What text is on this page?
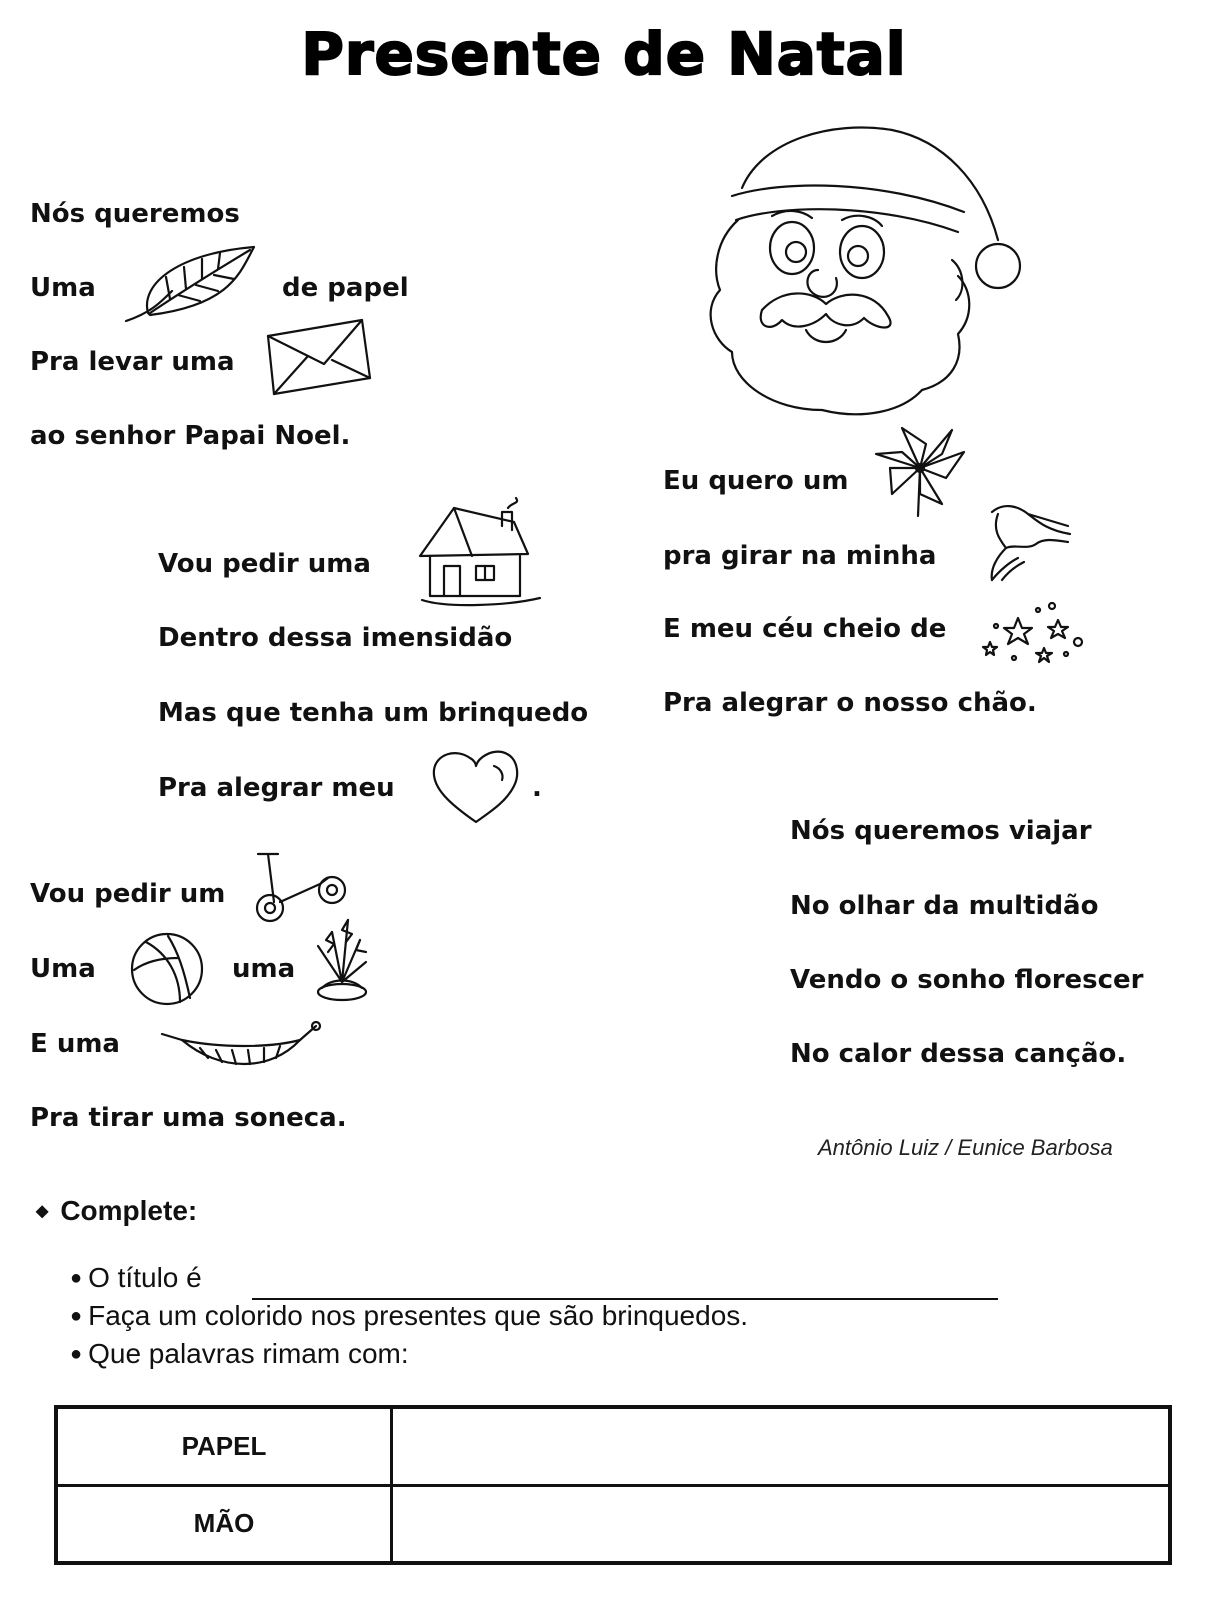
Presente de Natal
Nós queremos
Uma	de papel
Pra levar uma
ao senhor Papai Noel.
Vou pedir uma
Dentro dessa imensidão
Mas que tenha um brinquedo
Pra alegrar meu	.
Vou pedir um
Uma	uma
E uma
Pra tirar uma soneca.
Eu quero um
pra girar na minha
E meu céu cheio de
Pra alegrar o nosso chão.
Nós queremos viajar
No olhar da multidão
Vendo o sonho florescer
No calor dessa canção.
Antônio Luiz / Eunice Barbosa
◆ Complete:
● O título é
● Faça um colorido nos presentes que são brinquedos.
● Que palavras rimam com:
PAPEL	
MÃO	
